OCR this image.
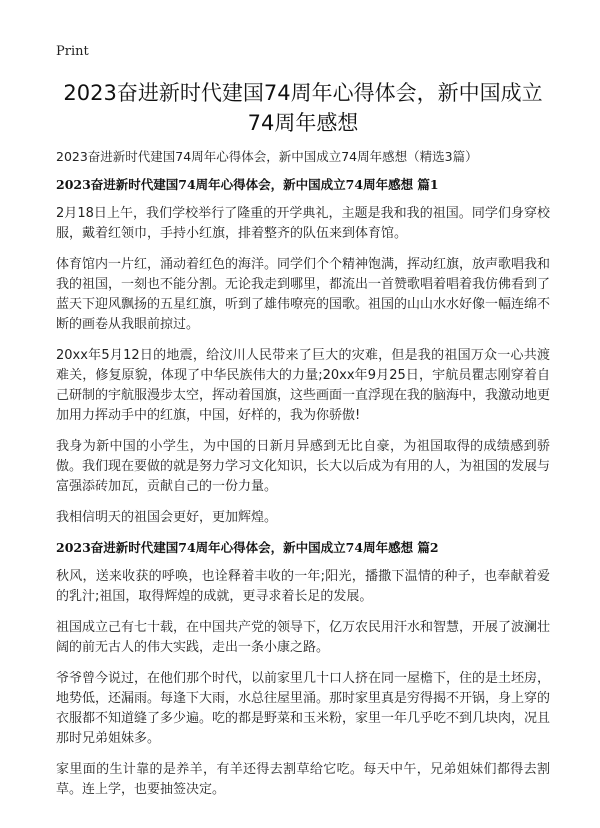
Print
2023奋进新时代建国74周年心得体会，新中国成立74周年感想

2023奋进新时代建国74周年心得体会，新中国成立74周年感想（精选3篇）

2023奋进新时代建国74周年心得体会，新中国成立74周年感想 篇1

2月18日上午，我们学校举行了隆重的开学典礼，主题是我和我的祖国。同学们身穿校服，戴着红领巾，手持小红旗，排着整齐的队伍来到体育馆。

体育馆内一片红，涌动着红色的海洋。同学们个个精神饱满，挥动红旗，放声歌唱我和我的祖国，一刻也不能分割。无论我走到哪里，都流出一首赞歌唱着唱着我仿佛看到了蓝天下迎风飘扬的五星红旗，听到了雄伟嘹亮的国歌。祖国的山山水水好像一幅连绵不断的画卷从我眼前掠过。

20xx年5月12日的地震，给汶川人民带来了巨大的灾难，但是我的祖国万众一心共渡难关，修复原貌，体现了中华民族伟大的力量;20xx年9月25日，宇航员瞿志刚穿着自己研制的宇航服漫步太空，挥动着国旗，这些画面一直浮现在我的脑海中，我激动地更加用力挥动手中的红旗，中国，好样的，我为你骄傲!

我身为新中国的小学生，为中国的日新月异感到无比自豪，为祖国取得的成绩感到骄傲。我们现在要做的就是努力学习文化知识，长大以后成为有用的人，为祖国的发展与富强添砖加瓦，贡献自己的一份力量。

我相信明天的祖国会更好，更加辉煌。

2023奋进新时代建国74周年心得体会，新中国成立74周年感想 篇2

秋风，送来收获的呼唤，也诠释着丰收的一年;阳光，播撒下温情的种子，也奉献着爱的乳汁;祖国，取得辉煌的成就，更寻求着长足的发展。

祖国成立己有七十载，在中国共产党的领导下，亿万农民用汗水和智慧，开展了波澜壮阔的前无古人的伟大实践，走出一条小康之路。

爷爷曾今说过，在他们那个时代，以前家里几十口人挤在同一屋檐下，住的是土坯房，地势低，还漏雨。每逢下大雨，水总往屋里涌。那时家里真是穷得揭不开锅，身上穿的衣服都不知道缝了多少遍。吃的都是野菜和玉米粉，家里一年几乎吃不到几块肉，况且那时兄弟姐妹多。

家里面的生计靠的是养羊，有羊还得去割草给它吃。每天中午，兄弟姐妹们都得去割草。连上学，也要抽签决定。
